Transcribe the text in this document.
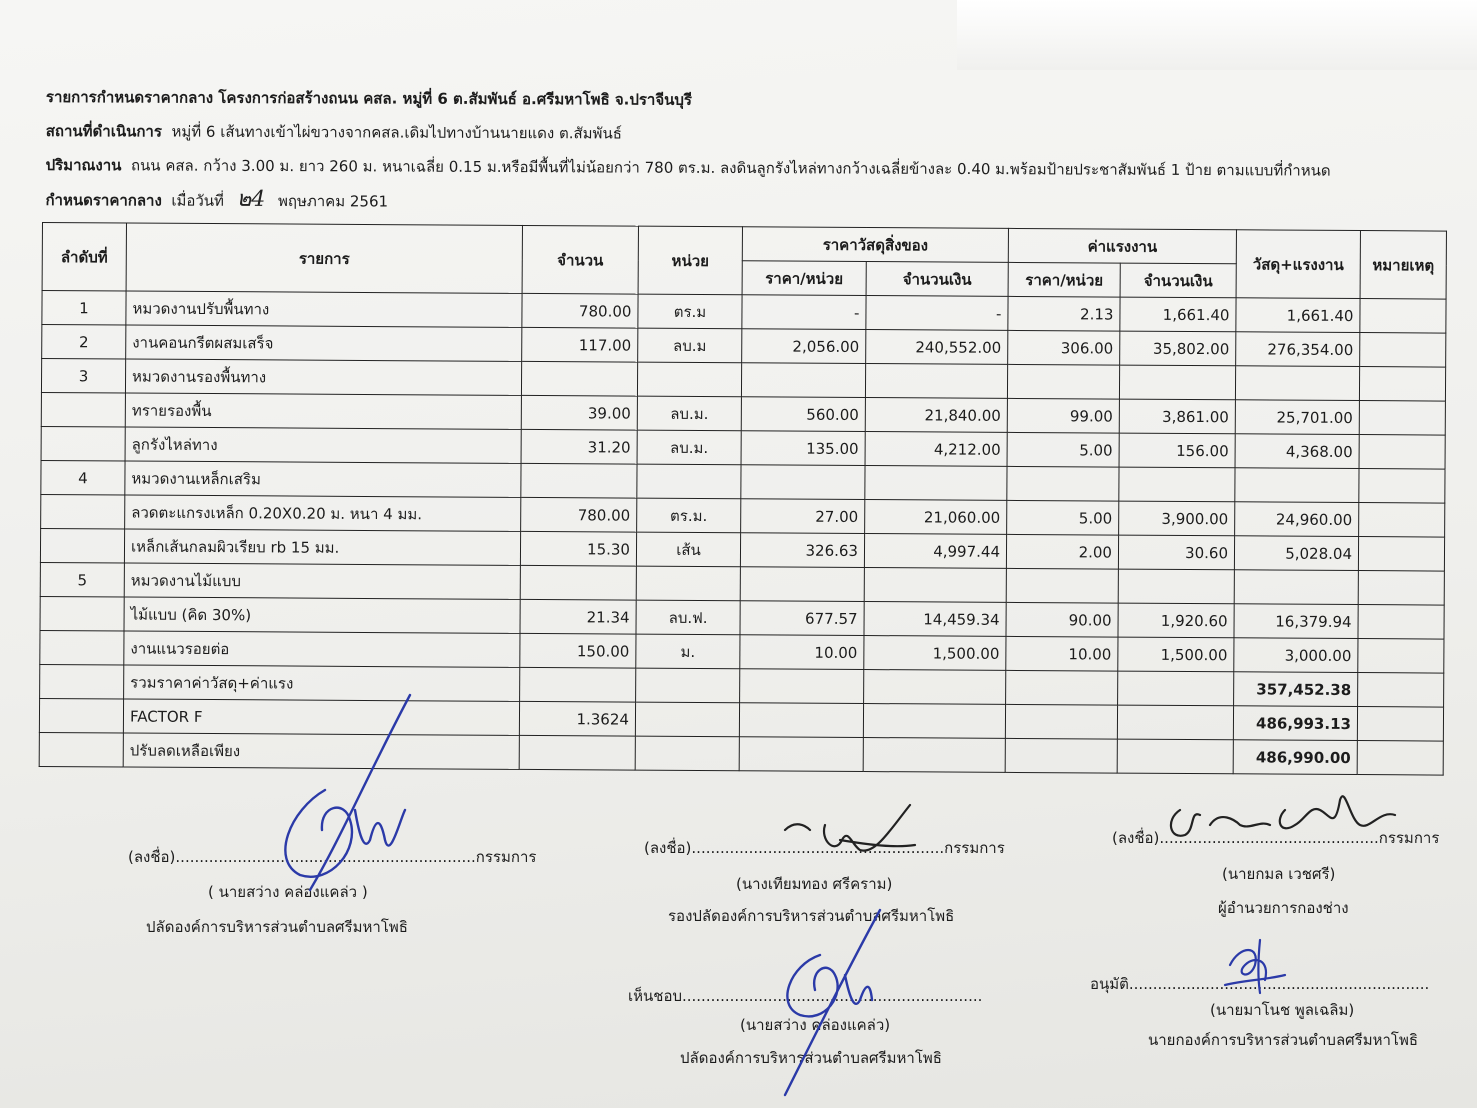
รายการกำหนดราคากลาง โครงการก่อสร้างถนน คสล. หมู่ที่ 6 ต.สัมพันธ์ อ.ศรีมหาโพธิ จ.ปราจีนบุรี
สถานที่ดำเนินการ หมู่ที่ 6 เส้นทางเข้าไผ่ขวางจากคสล.เดิมไปทางบ้านนายแดง ต.สัมพันธ์
ปริมาณงาน ถนน คสล. กว้าง 3.00 ม. ยาว 260 ม. หนาเฉลี่ย 0.15 ม.หรือมีพื้นที่ไม่น้อยกว่า 780 ตร.ม. ลงดินลูกรังไหล่ทางกว้างเฉลี่ยข้างละ 0.40 ม.พร้อมป้ายประชาสัมพันธ์ 1 ป้าย ตามแบบที่กำหนด
กำหนดราคากลาง เมื่อวันที่ ๒4 พฤษภาคม 2561
ลำดับที่	รายการ	จำนวน	หน่วย	ราคาวัสดุสิ่งของ		ค่าแรงงาน		วัสดุ+แรงงาน	หมายเหตุ
				ราคา/หน่วย	จำนวนเงิน	ราคา/หน่วย	จำนวนเงิน		
1	หมวดงานปรับพื้นทาง	780.00	ตร.ม	-	-	2.13	1,661.40	1,661.40	
2	งานคอนกรีตผสมเสร็จ	117.00	ลบ.ม	2,056.00	240,552.00	306.00	35,802.00	276,354.00	
3	หมวดงานรองพื้นทาง								
	ทรายรองพื้น	39.00	ลบ.ม.	560.00	21,840.00	99.00	3,861.00	25,701.00	
	ลูกรังไหล่ทาง	31.20	ลบ.ม.	135.00	4,212.00	5.00	156.00	4,368.00	
4	หมวดงานเหล็กเสริม								
	ลวดตะแกรงเหล็ก 0.20X0.20 ม. หนา 4 มม.	780.00	ตร.ม.	27.00	21,060.00	5.00	3,900.00	24,960.00	
	เหล็กเส้นกลมผิวเรียบ rb 15 มม.	15.30	เส้น	326.63	4,997.44	2.00	30.60	5,028.04	
5	หมวดงานไม้แบบ								
	ไม้แบบ (คิด 30%)	21.34	ลบ.ฟ.	677.57	14,459.34	90.00	1,920.60	16,379.94	
	งานแนวรอยต่อ	150.00	ม.	10.00	1,500.00	10.00	1,500.00	3,000.00	
	รวมราคาค่าวัสดุ+ค่าแรง							357,452.38	
	FACTOR F	1.3624						486,993.13	
	ปรับลดเหลือเพียง							486,990.00	
(ลงชื่อ)...............................................................กรรมการ
( นายสว่าง คล่องแคล่ว )
ปลัดองค์การบริหารส่วนตำบลศรีมหาโพธิ
(ลงชื่อ).....................................................กรรมการ
(นางเทียมทอง ศรีคราม)
รองปลัดองค์การบริหารส่วนตำบลศรีมหาโพธิ
(ลงชื่อ)..............................................กรรมการ
(นายกมล เวชศรี)
ผู้อำนวยการกองช่าง
เห็นชอบ...............................................................
(นายสว่าง คล่องแคล่ว)
ปลัดองค์การบริหารส่วนตำบลศรีมหาโพธิ
อนุมัติ...............................................................
(นายมาโนช พูลเฉลิม)
นายกองค์การบริหารส่วนตำบลศรีมหาโพธิ
